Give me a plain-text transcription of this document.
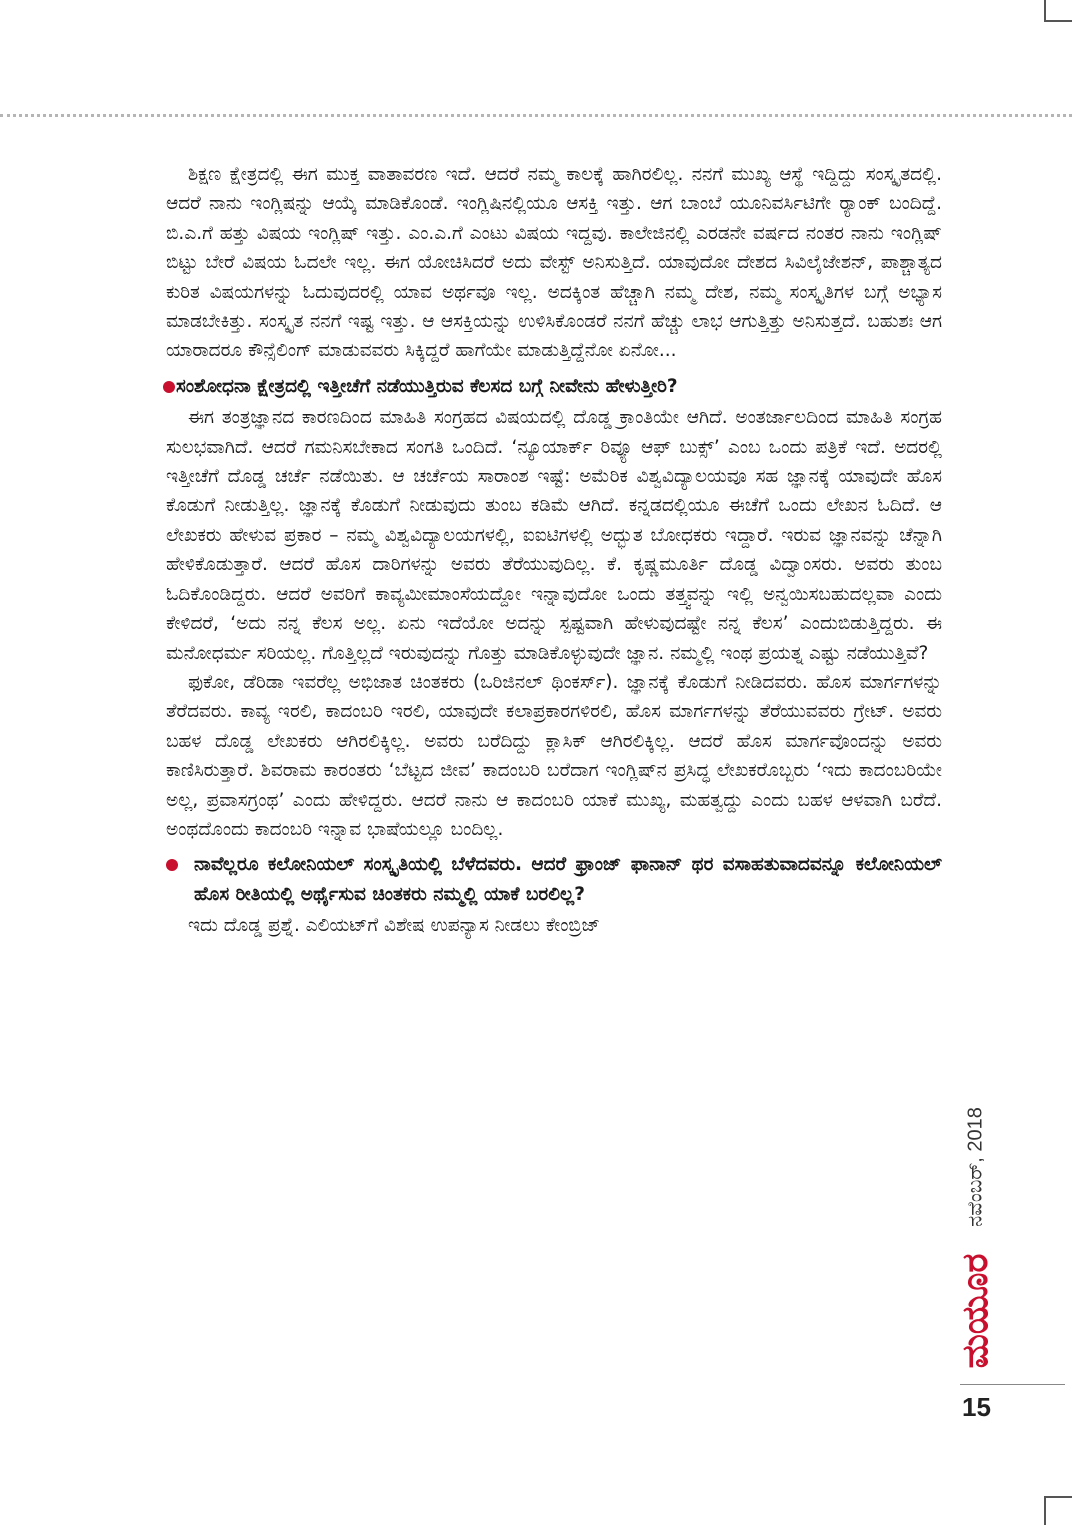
ಶಿಕ್ಷಣ ಕ್ಷೇತ್ರದಲ್ಲಿ ಈಗ ಮುಕ್ತ ವಾತಾವರಣ ಇದೆ. ಆದರೆ ನಮ್ಮ ಕಾಲಕ್ಕೆ ಹಾಗಿರಲಿಲ್ಲ. ನನಗೆ ಮುಖ್ಯ ಆಸ್ಥೆ ಇದ್ದಿದ್ದು ಸಂಸ್ಕೃತದಲ್ಲಿ. ಆದರೆ ನಾನು ಇಂಗ್ಲಿಷನ್ನು ಆಯ್ಕೆ ಮಾಡಿಕೊಂಡೆ. ಇಂಗ್ಲಿಷಿನಲ್ಲಿಯೂ ಆಸಕ್ತಿ ಇತ್ತು. ಆಗ ಬಾಂಬೆ ಯೂನಿವರ್ಸಿಟಿಗೇ ರ್‍ಯಾಂಕ್ ಬಂದಿದ್ದೆ. ಬಿ.ಎ.ಗೆ ಹತ್ತು ವಿಷಯ ಇಂಗ್ಲಿಷ್ ಇತ್ತು. ಎಂ.ಎ.ಗೆ ಎಂಟು ವಿಷಯ ಇದ್ದವು. ಕಾಲೇಜಿನಲ್ಲಿ ಎರಡನೇ ವರ್ಷದ ನಂತರ ನಾನು ಇಂಗ್ಲಿಷ್ ಬಿಟ್ಟು ಬೇರೆ ವಿಷಯ ಓದಲೇ ಇಲ್ಲ. ಈಗ ಯೋಚಿಸಿದರೆ ಅದು ವೇಸ್ಟ್ ಅನಿಸುತ್ತಿದೆ. ಯಾವುದೋ ದೇಶದ ಸಿವಿಲೈಜೇಶನ್, ಪಾಶ್ಚಾತ್ಯದ ಕುರಿತ ವಿಷಯಗಳನ್ನು ಓದುವುದರಲ್ಲಿ ಯಾವ ಅರ್ಥವೂ ಇಲ್ಲ. ಅದಕ್ಕಿಂತ ಹೆಚ್ಚಾಗಿ ನಮ್ಮ ದೇಶ, ನಮ್ಮ ಸಂಸ್ಕೃತಿಗಳ ಬಗ್ಗೆ ಅಭ್ಯಾಸ ಮಾಡಬೇಕಿತ್ತು. ಸಂಸ್ಕೃತ ನನಗೆ ಇಷ್ಟ ಇತ್ತು. ಆ ಆಸಕ್ತಿಯನ್ನು ಉಳಿಸಿಕೊಂಡರೆ ನನಗೆ ಹೆಚ್ಚು ಲಾಭ ಆಗುತ್ತಿತ್ತು ಅನಿಸುತ್ತದೆ. ಬಹುಶಃ ಆಗ ಯಾರಾದರೂ ಕೌನ್ಸೆಲಿಂಗ್ ಮಾಡುವವರು ಸಿಕ್ಕಿದ್ದರೆ ಹಾಗೆಯೇ ಮಾಡುತ್ತಿದ್ದೆನೋ ಏನೋ...

ಸಂಶೋಧನಾ ಕ್ಷೇತ್ರದಲ್ಲಿ ಇತ್ತೀಚೆಗೆ ನಡೆಯುತ್ತಿರುವ ಕೆಲಸದ ಬಗ್ಗೆ ನೀವೇನು ಹೇಳುತ್ತೀರಿ?

ಈಗ ತಂತ್ರಜ್ಞಾನದ ಕಾರಣದಿಂದ ಮಾಹಿತಿ ಸಂಗ್ರಹದ ವಿಷಯದಲ್ಲಿ ದೊಡ್ಡ ಕ್ರಾಂತಿಯೇ ಆಗಿದೆ. ಅಂತರ್ಜಾಲದಿಂದ ಮಾಹಿತಿ ಸಂಗ್ರಹ ಸುಲಭವಾಗಿದೆ. ಆದರೆ ಗಮನಿಸಬೇಕಾದ ಸಂಗತಿ ಒಂದಿದೆ. ‘ನ್ಯೂಯಾರ್ಕ್ ರಿವ್ಯೂ ಆಫ್ ಬುಕ್ಸ್’ ಎಂಬ ಒಂದು ಪತ್ರಿಕೆ ಇದೆ. ಅದರಲ್ಲಿ ಇತ್ತೀಚೆಗೆ ದೊಡ್ಡ ಚರ್ಚೆ ನಡೆಯಿತು. ಆ ಚರ್ಚೆಯ ಸಾರಾಂಶ ಇಷ್ಟೆ: ಅಮೆರಿಕ ವಿಶ್ವವಿದ್ಯಾಲಯವೂ ಸಹ ಜ್ಞಾನಕ್ಕೆ ಯಾವುದೇ ಹೊಸ ಕೊಡುಗೆ ನೀಡುತ್ತಿಲ್ಲ. ಜ್ಞಾನಕ್ಕೆ ಕೊಡುಗೆ ನೀಡುವುದು ತುಂಬ ಕಡಿಮೆ ಆಗಿದೆ. ಕನ್ನಡದಲ್ಲಿಯೂ ಈಚೆಗೆ ಒಂದು ಲೇಖನ ಓದಿದೆ. ಆ ಲೇಖಕರು ಹೇಳುವ ಪ್ರಕಾರ – ನಮ್ಮ ವಿಶ್ವವಿದ್ಯಾಲಯಗಳಲ್ಲಿ, ಐಐಟಿಗಳಲ್ಲಿ ಅದ್ಭುತ ಬೋಧಕರು ಇದ್ದಾರೆ. ಇರುವ ಜ್ಞಾನವನ್ನು ಚೆನ್ನಾಗಿ ಹೇಳಿಕೊಡುತ್ತಾರೆ. ಆದರೆ ಹೊಸ ದಾರಿಗಳನ್ನು ಅವರು ತೆರೆಯುವುದಿಲ್ಲ. ಕೆ. ಕೃಷ್ಣಮೂರ್ತಿ ದೊಡ್ಡ ವಿದ್ವಾಂಸರು. ಅವರು ತುಂಬ ಓದಿಕೊಂಡಿದ್ದರು. ಆದರೆ ಅವರಿಗೆ ಕಾವ್ಯಮೀಮಾಂಸೆಯದ್ದೋ ಇನ್ನಾವುದೋ ಒಂದು ತತ್ತ್ವವನ್ನು ಇಲ್ಲಿ ಅನ್ವಯಿಸಬಹುದಲ್ಲವಾ ಎಂದು ಕೇಳಿದರೆ, ‘ಅದು ನನ್ನ ಕೆಲಸ ಅಲ್ಲ. ಏನು ಇದೆಯೋ ಅದನ್ನು ಸ್ಪಷ್ಟವಾಗಿ ಹೇಳುವುದಷ್ಟೇ ನನ್ನ ಕೆಲಸ’ ಎಂದುಬಿಡುತ್ತಿದ್ದರು. ಈ ಮನೋಧರ್ಮ ಸರಿಯಲ್ಲ. ಗೊತ್ತಿಲ್ಲದೆ ಇರುವುದನ್ನು ಗೊತ್ತು ಮಾಡಿಕೊಳ್ಳುವುದೇ ಜ್ಞಾನ. ನಮ್ಮಲ್ಲಿ ಇಂಥ ಪ್ರಯತ್ನ ಎಷ್ಟು ನಡೆಯುತ್ತಿವೆ?

ಫುಕೋ, ಡೆರಿಡಾ ಇವರೆಲ್ಲ ಅಭಿಜಾತ ಚಿಂತಕರು (ಒರಿಜಿನಲ್ ಥಿಂಕರ್ಸ್). ಜ್ಞಾನಕ್ಕೆ ಕೊಡುಗೆ ನೀಡಿದವರು. ಹೊಸ ಮಾರ್ಗಗಳನ್ನು ತೆರೆದವರು. ಕಾವ್ಯ ಇರಲಿ, ಕಾದಂಬರಿ ಇರಲಿ, ಯಾವುದೇ ಕಲಾಪ್ರಕಾರಗಳಿರಲಿ, ಹೊಸ ಮಾರ್ಗಗಳನ್ನು ತೆರೆಯುವವರು ಗ್ರೇಟ್. ಅವರು ಬಹಳ ದೊಡ್ಡ ಲೇಖಕರು ಆಗಿರಲಿಕ್ಕಿಲ್ಲ. ಅವರು ಬರೆದಿದ್ದು ಕ್ಲಾಸಿಕ್ ಆಗಿರಲಿಕ್ಕಿಲ್ಲ. ಆದರೆ ಹೊಸ ಮಾರ್ಗವೊಂದನ್ನು ಅವರು ಕಾಣಿಸಿರುತ್ತಾರೆ. ಶಿವರಾಮ ಕಾರಂತರು ‘ಬೆಟ್ಟದ ಜೀವ’ ಕಾದಂಬರಿ ಬರೆದಾಗ ಇಂಗ್ಲಿಷ್‌ನ ಪ್ರಸಿದ್ಧ ಲೇಖಕರೊಬ್ಬರು ‘ಇದು ಕಾದಂಬರಿಯೇ ಅಲ್ಲ, ಪ್ರವಾಸಗ್ರಂಥ’ ಎಂದು ಹೇಳಿದ್ದರು. ಆದರೆ ನಾನು ಆ ಕಾದಂಬರಿ ಯಾಕೆ ಮುಖ್ಯ, ಮಹತ್ವದ್ದು ಎಂದು ಬಹಳ ಆಳವಾಗಿ ಬರೆದೆ. ಅಂಥದೊಂದು ಕಾದಂಬರಿ ಇನ್ನಾವ ಭಾಷೆಯಲ್ಲೂ ಬಂದಿಲ್ಲ.

ನಾವೆಲ್ಲರೂ ಕಲೋನಿಯಲ್ ಸಂಸ್ಕೃತಿಯಲ್ಲಿ ಬೆಳೆದವರು. ಆದರೆ ಫ್ರಾಂಜ್ ಫಾನಾನ್ ಥರ ವಸಾಹತುವಾದವನ್ನೂ ಕಲೋನಿಯಲ್ ಹೊಸ ರೀತಿಯಲ್ಲಿ ಅರ್ಥೈಸುವ ಚಿಂತಕರು ನಮ್ಮಲ್ಲಿ ಯಾಕೆ ಬರಲಿಲ್ಲ?

ಇದು ದೊಡ್ಡ ಪ್ರಶ್ನೆ. ಎಲಿಯಟ್‌ಗೆ ವಿಶೇಷ ಉಪನ್ಯಾಸ ನೀಡಲು ಕೇಂಬ್ರಿಜ್

ನವೆಂಬರ್, 2018
ಮಯೂರ
15
